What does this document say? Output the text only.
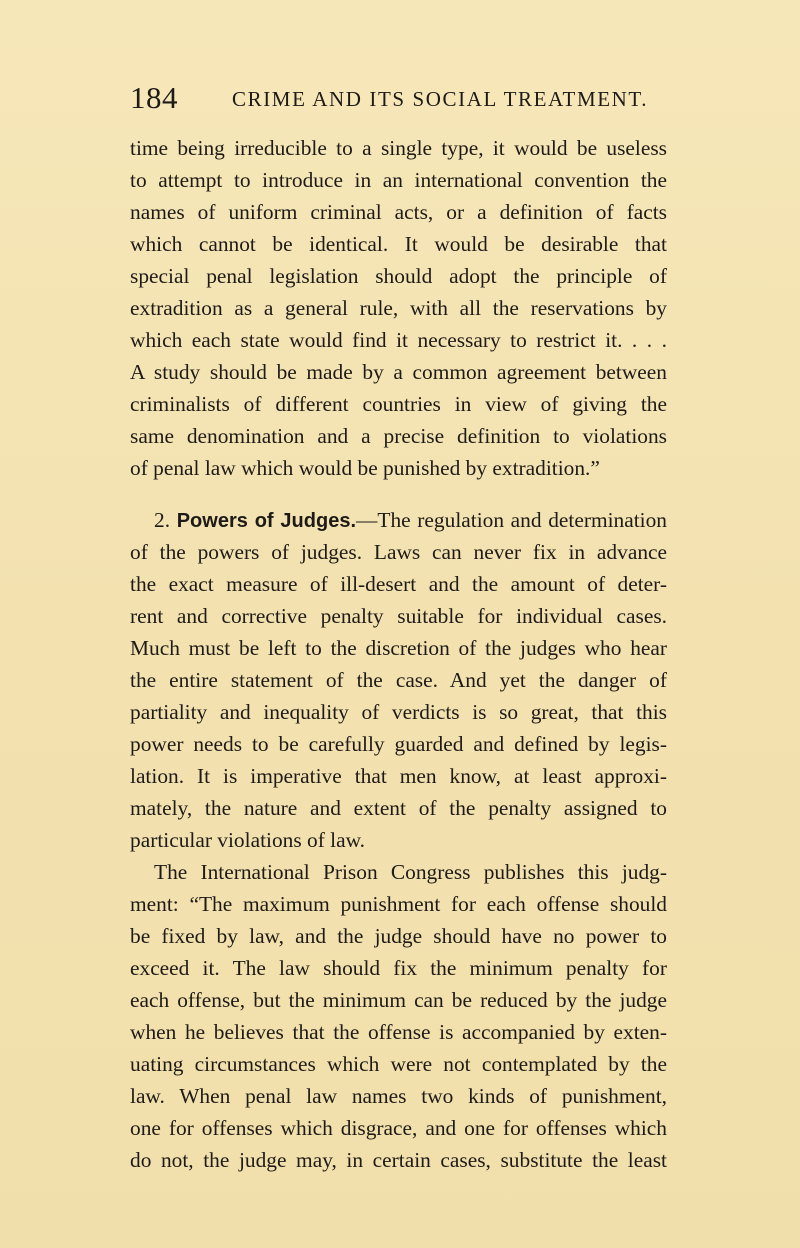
184	CRIME AND ITS SOCIAL TREATMENT.
time being irreducible to a single type, it would be useless
to attempt to introduce in an international convention the
names of uniform criminal acts, or a definition of facts
which cannot be identical. It would be desirable that
special penal legislation should adopt the principle of
extradition as a general rule, with all the reservations by
which each state would find it necessary to restrict it. . . .
A study should be made by a common agreement between
criminalists of different countries in view of giving the
same denomination and a precise definition to violations
of penal law which would be punished by extradition.”
2. Powers of Judges.—The regulation and determination
of the powers of judges. Laws can never fix in advance
the exact measure of ill-desert and the amount of deter-
rent and corrective penalty suitable for individual cases.
Much must be left to the discretion of the judges who hear
the entire statement of the case. And yet the danger of
partiality and inequality of verdicts is so great, that this
power needs to be carefully guarded and defined by legis-
lation. It is imperative that men know, at least approxi-
mately, the nature and extent of the penalty assigned to
particular violations of law.
The International Prison Congress publishes this judg-
ment: “The maximum punishment for each offense should
be fixed by law, and the judge should have no power to
exceed it. The law should fix the minimum penalty for
each offense, but the minimum can be reduced by the judge
when he believes that the offense is accompanied by exten-
uating circumstances which were not contemplated by the
law. When penal law names two kinds of punishment,
one for offenses which disgrace, and one for offenses which
do not, the judge may, in certain cases, substitute the least
